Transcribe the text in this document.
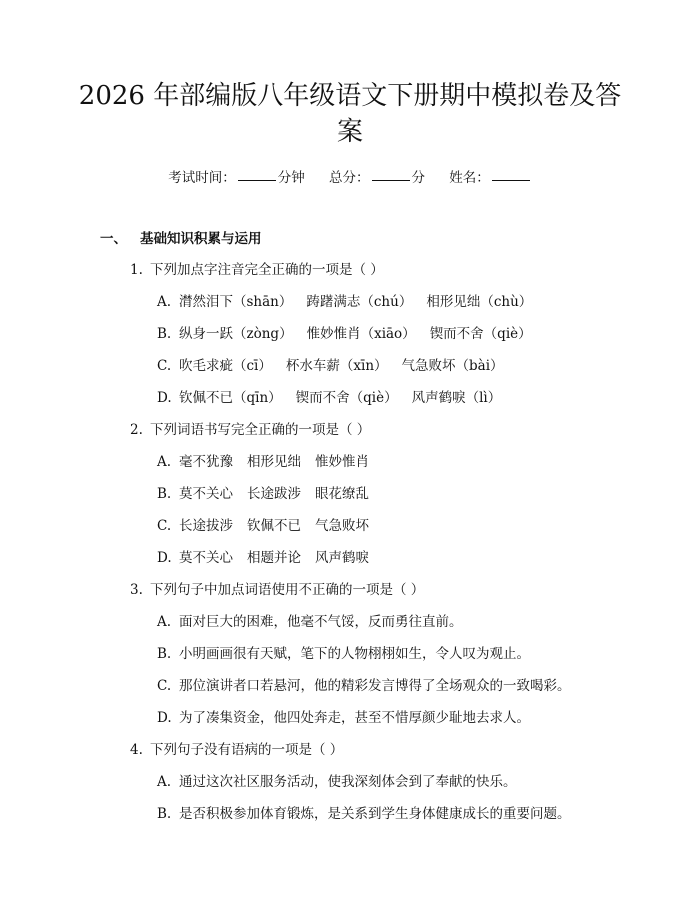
2026 年部编版八年级语文下册期中模拟卷及答案
考试时间：	分钟 总分：	分 姓名：
一、 基础知识积累与运用
1. 下列加点字注音完全正确的一项是（ ）
A. 潸然泪下（shān） 踌躇满志（chú） 相形见绌（chù）
B. 纵身一跃（zòng） 惟妙惟肖（xiāo） 锲而不舍（qiè）
C. 吹毛求疵（cī） 杯水车薪（xīn） 气急败坏（bài）
D. 钦佩不已（qīn） 锲而不舍（qiè） 风声鹤唳（lì）
2. 下列词语书写完全正确的一项是（ ）
A. 毫不犹豫 相形见绌 惟妙惟肖
B. 莫不关心 长途跋涉 眼花缭乱
C. 长途拔涉 钦佩不已 气急败坏
D. 莫不关心 相题并论 风声鹤唳
3. 下列句子中加点词语使用不正确的一项是（ ）
A. 面对巨大的困难，他毫不气馁，反而勇往直前。
B. 小明画画很有天赋，笔下的人物栩栩如生，令人叹为观止。
C. 那位演讲者口若悬河，他的精彩发言博得了全场观众的一致喝彩。
D. 为了凑集资金，他四处奔走，甚至不惜厚颜少耻地去求人。
4. 下列句子没有语病的一项是（ ）
A. 通过这次社区服务活动，使我深刻体会到了奉献的快乐。
B. 是否积极参加体育锻炼，是关系到学生身体健康成长的重要问题。
